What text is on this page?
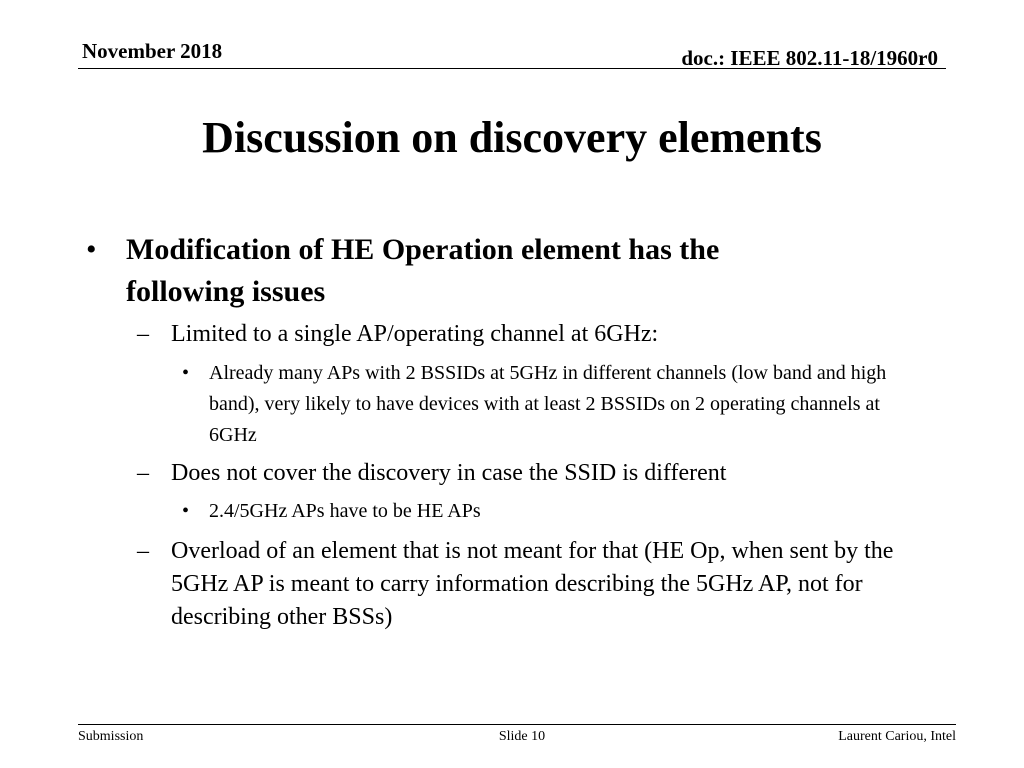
November 2018	doc.: IEEE 802.11-18/1960r0
Discussion on discovery elements
• Modification of HE Operation element has the following issues
– Limited to a single AP/operating channel at 6GHz:
• Already many APs with 2 BSSIDs at 5GHz in different channels (low band and high band), very likely to have devices with at least 2 BSSIDs on 2 operating channels at 6GHz
– Does not cover the discovery in case the SSID is different
• 2.4/5GHz APs have to be HE APs
– Overload of an element that is not meant for that (HE Op, when sent by the 5GHz AP is meant to carry information describing the 5GHz AP, not for describing other BSSs)
Submission	Slide 10	Laurent Cariou, Intel
